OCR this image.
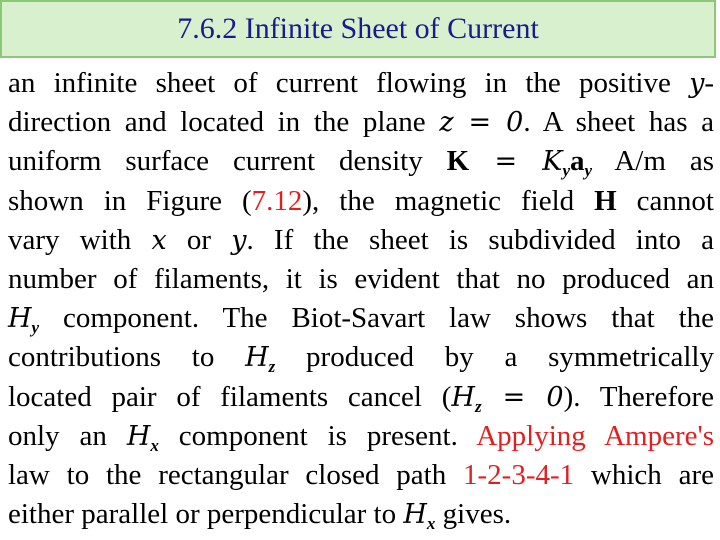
7.6.2 Infinite Sheet of Current
an infinite sheet of current flowing in the positive y-
direction and located in the plane z = 0. A sheet has a
uniform surface current density $K = K_ya_y$ A/m as
shown in Figure (7.12), the magnetic field H cannot
vary with x or y. If the sheet is subdivided into a
number of filaments, it is evident that no produced an
$H_y$ component. The Biot-Savart law shows that the
contributions to $H_z$ produced by a symmetrically
located pair of filaments cancel $(H_z = 0)$. Therefore
only an $H_x$ component is present. Applying Ampere's
law to the rectangular closed path 1-2-3-4-1 which are
either parallel or perpendicular to $H_x$ gives.
